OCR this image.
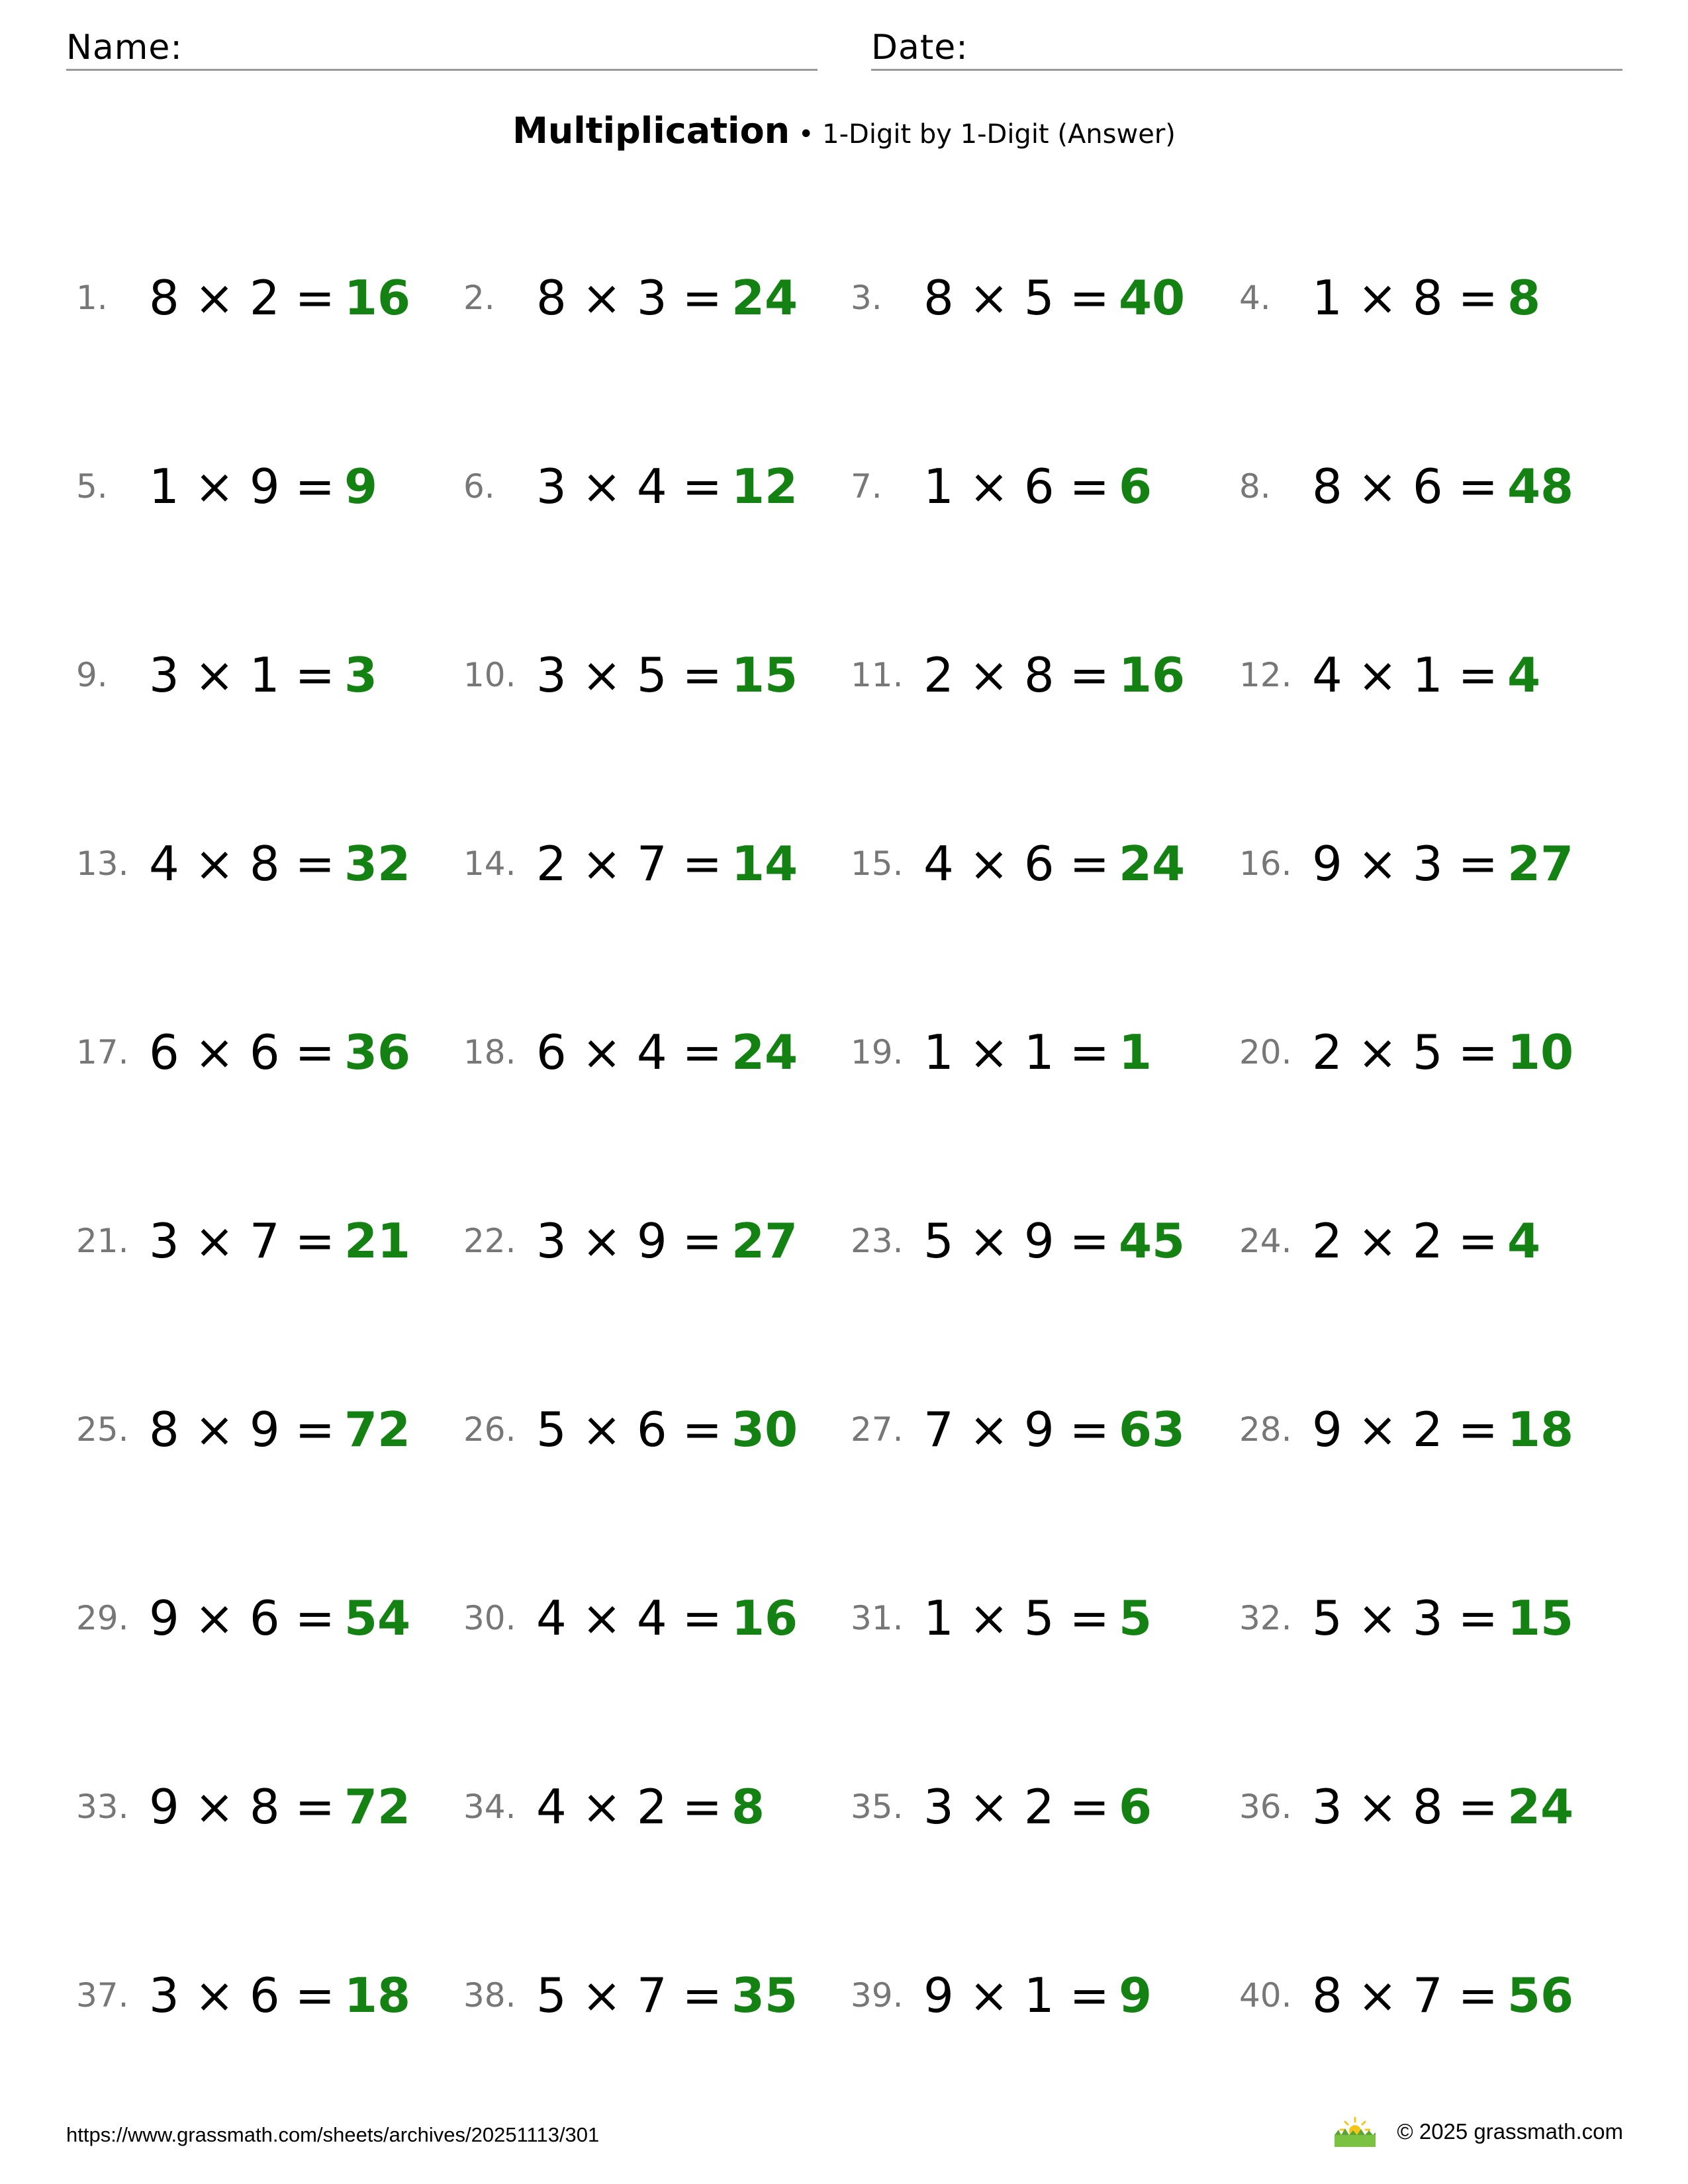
Name:	Date:
Multiplication • 1-Digit by 1-Digit (Answer)
1. 8 × 2 = 16 2. 8 × 3 = 24 3. 8 × 5 = 40 4. 1 × 8 = 8
5. 1 × 9 = 9	6. 3 × 4 = 12 7. 1 × 6 = 6	8. 8 × 6 = 48
9. 3 × 1 = 3	10. 3 × 5 = 15 11. 2 × 8 = 16 12. 4 × 1 = 4
13. 4 × 8 = 32 14. 2 × 7 = 14 15. 4 × 6 = 24 16. 9 × 3 = 27
17. 6 × 6 = 36 18. 6 × 4 = 24 19. 1 × 1 = 1	20. 2 × 5 = 10
21. 3 × 7 = 21 22. 3 × 9 = 27 23. 5 × 9 = 45 24. 2 × 2 = 4
25. 8 × 9 = 72 26. 5 × 6 = 30 27. 7 × 9 = 63 28. 9 × 2 = 18
29. 9 × 6 = 54 30. 4 × 4 = 16 31. 1 × 5 = 5	32. 5 × 3 = 15
33. 9 × 8 = 72 34. 4 × 2 = 8	35. 3 × 2 = 6	36. 3 × 8 = 24
37. 3 × 6 = 18 38. 5 × 7 = 35 39. 9 × 1 = 9	40. 8 × 7 = 56
https://www.grassmath.com/sheets/archives/20251113/301	© 2025 grassmath.com
